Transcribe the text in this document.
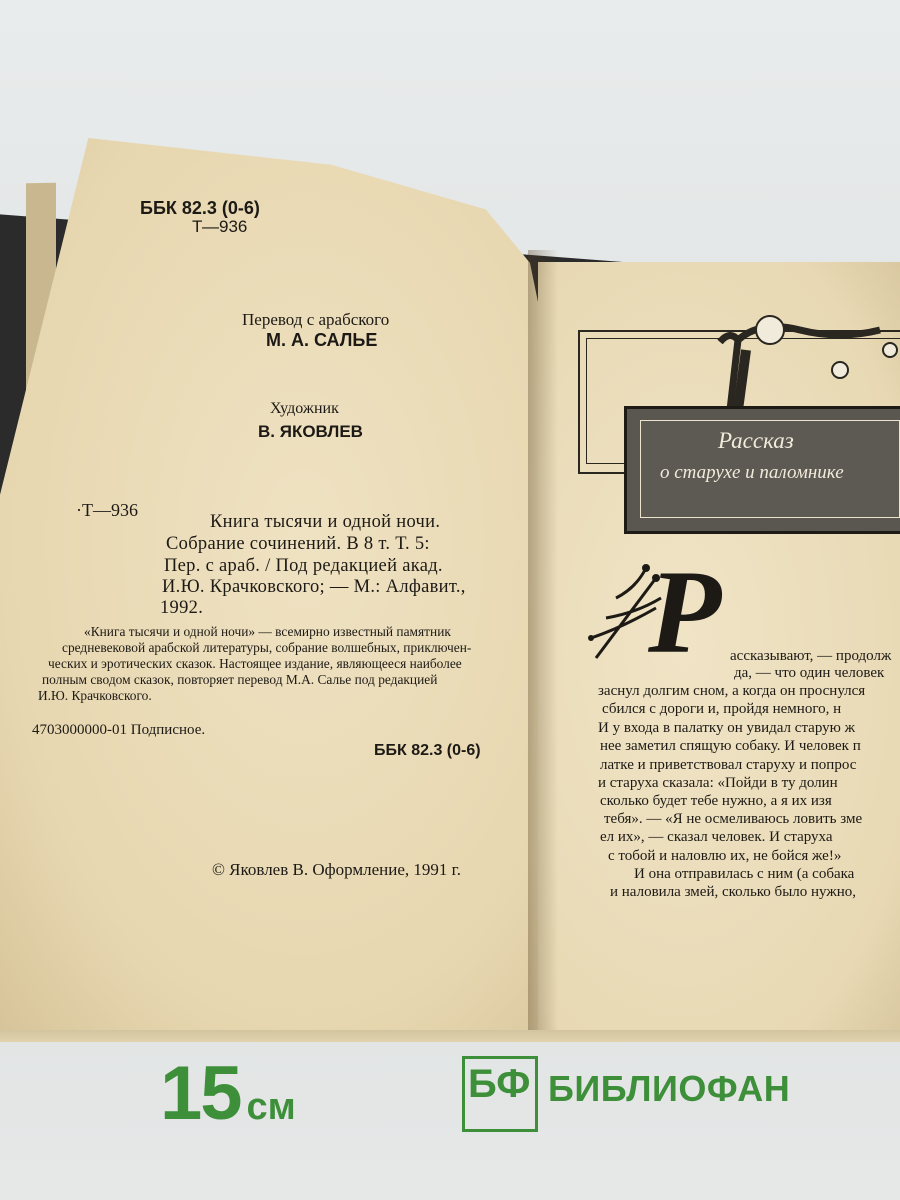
ББК 82.3 (0-6)
Т—936
Перевод с арабского
М. А. САЛЬЕ
Художник
В. ЯКОВЛЕВ
·Т—936
Книга тысячи и одной ночи.
Собрание сочинений. В 8 т. Т. 5:
Пер. с араб. / Под редакцией акад.
И.Ю. Крачковского; — М.: Алфавит.,
1992.
«Книга тысячи и одной ночи» — всемирно известный памятник
средневековой арабской литературы, собрание волшебных, приключен-
ческих и эротических сказок. Настоящее издание, являющееся наиболее
полным сводом сказок, повторяет перевод М.А. Салье под редакцией
И.Ю. Крачковского.
4703000000-01 Подписное.
ББК 82.3 (0-6)
© Яковлев В. Оформление, 1991 г.
Рассказ
о старухе и паломнике
Р ассказывают, — продолж
да, — что один человек
заснул долгим сном, а когда он проснулся
сбился с дороги и, пройдя немного, н
И у входа в палатку он увидал старую ж
нее заметил спящую собаку. И человек п
латке и приветствовал старуху и попрос
и старуха сказала: «Пойди в ту долин
сколько будет тебе нужно, а я их изя
тебя». — «Я не осмеливаюсь ловить зме
ел их», — сказал человек. И старуха
с тобой и наловлю их, не бойся же!»
И она отправилась с ним (а собака
и наловила змей, сколько было нужно,
15 см
БФ БИБЛИОФАН
